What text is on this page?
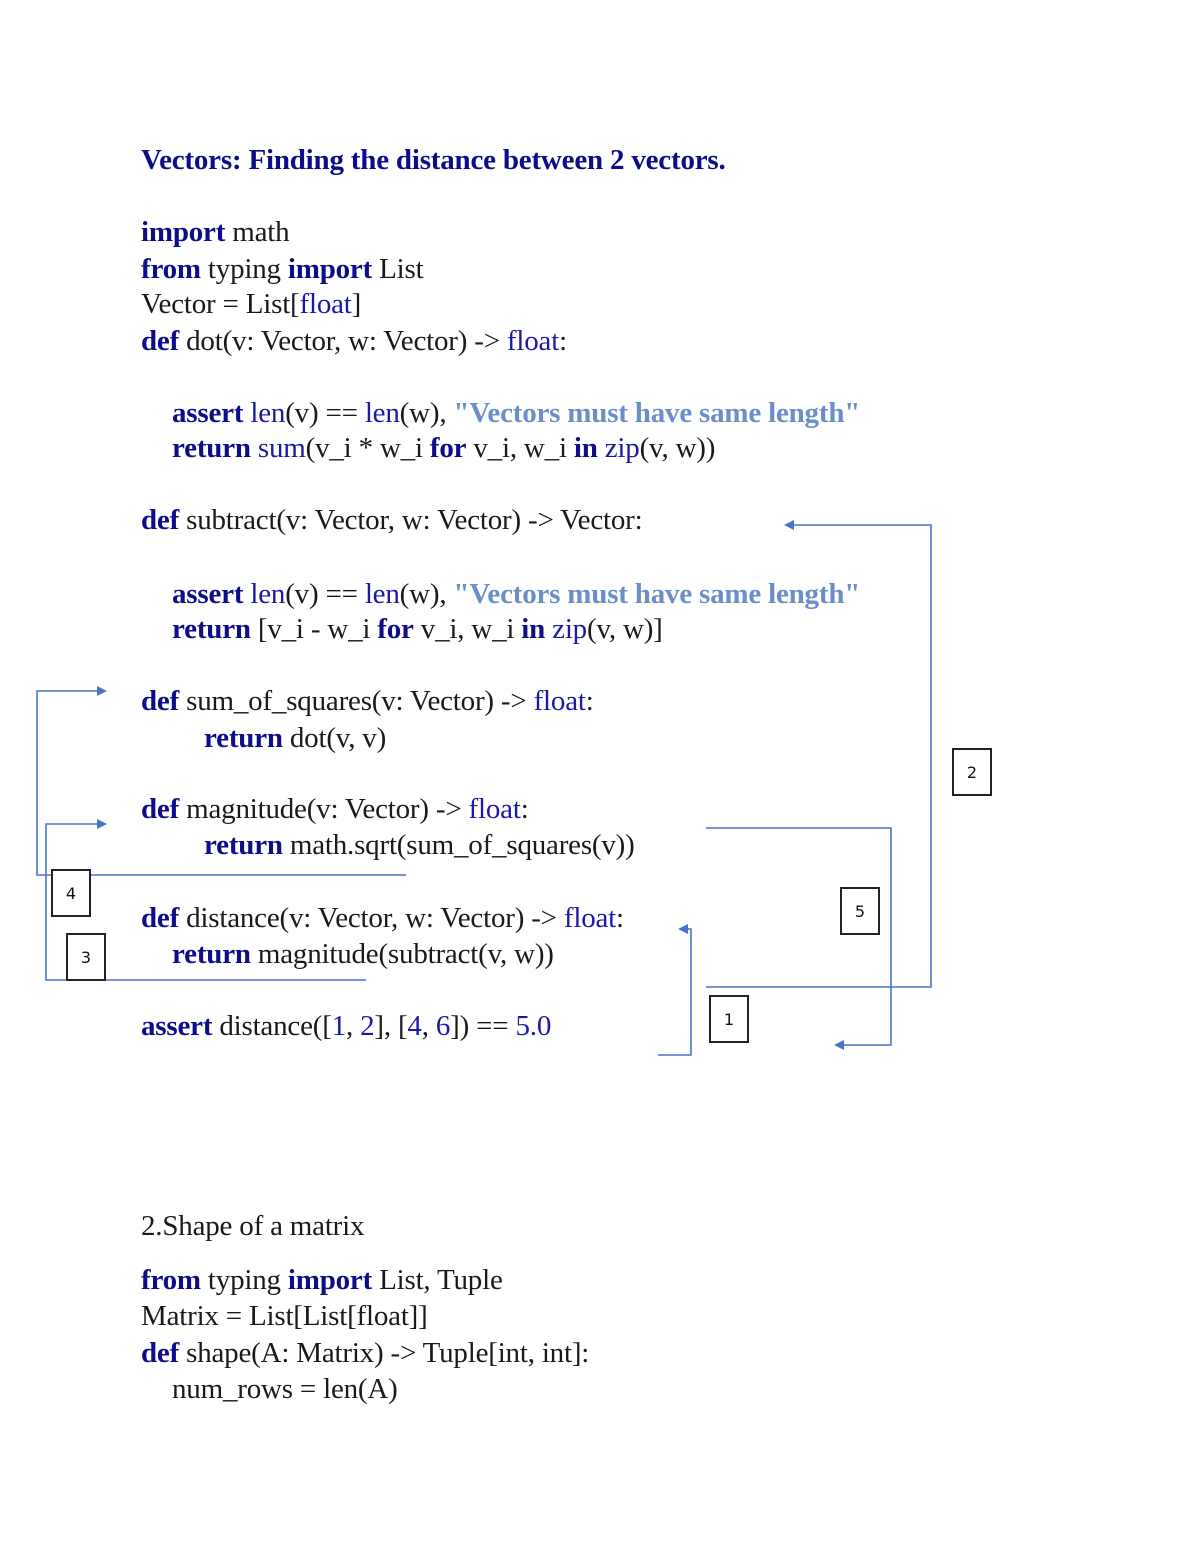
Vectors: Finding the distance between 2 vectors.
import math
from typing import List
Vector = List[float]
def dot(v: Vector, w: Vector) -> float:
assert len(v) == len(w), "Vectors must have same length"
return sum(v_i * w_i for v_i, w_i in zip(v, w))
def subtract(v: Vector, w: Vector) -> Vector:
assert len(v) == len(w), "Vectors must have same length"
return [v_i - w_i for v_i, w_i in zip(v, w)]
def sum_of_squares(v: Vector) -> float:
return dot(v, v)
def magnitude(v: Vector) -> float:
return math.sqrt(sum_of_squares(v))
def distance(v: Vector, w: Vector) -> float:
return magnitude(subtract(v, w))
assert distance([1, 2], [4, 6]) == 5.0
2.Shape of a matrix
from typing import List, Tuple
Matrix = List[List[float]]
def shape(A: Matrix) -> Tuple[int, int]:
num_rows = len(A)
1
2
3
4
5
